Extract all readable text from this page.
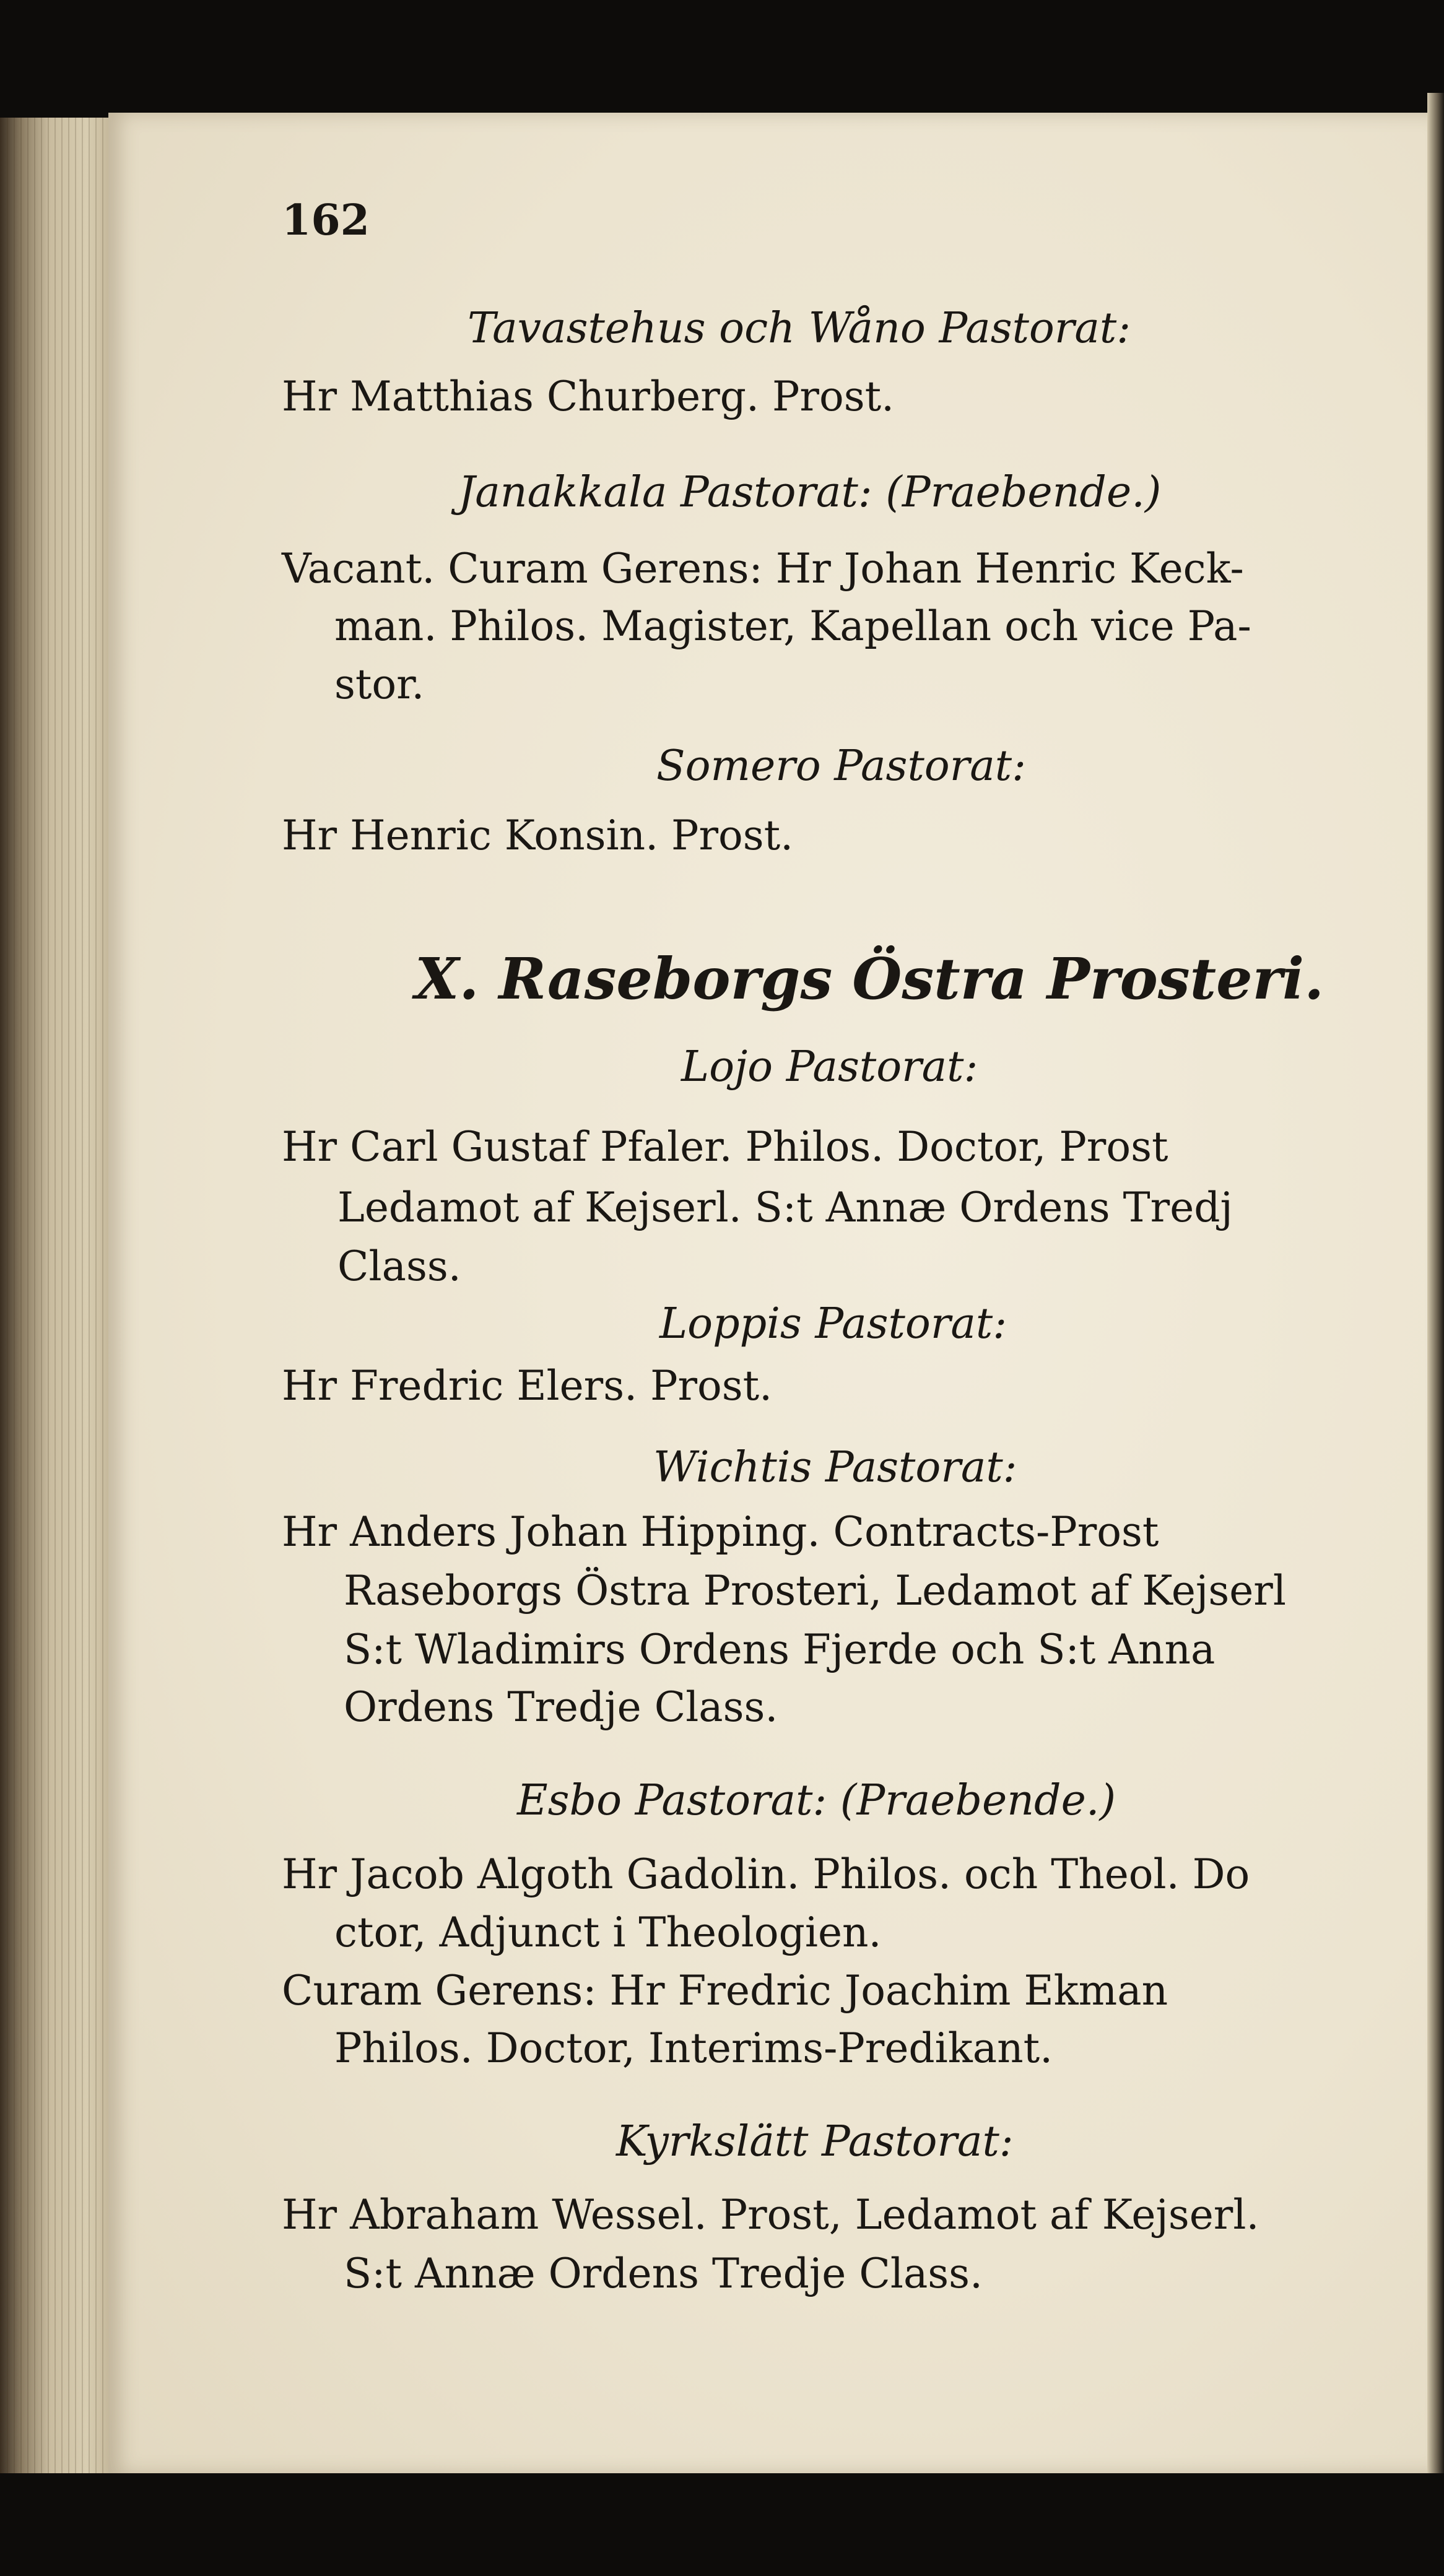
162
Tavastehus och Wåno Pastorat:
Hr Matthias Churberg. Prost.
Janakkala Pastorat: (Praebende.)
Vacant. Curam Gerens: Hr Johan Henric Keck-
man. Philos. Magister, Kapellan och vice Pa-
stor.
Somero Pastorat:
Hr Henric Konsin. Prost.
X. Raseborgs Östra Prosteri.
Lojo Pastorat:
Hr Carl Gustaf Pfaler. Philos. Doctor, Prost
Ledamot af Kejserl. S:t Annæ Ordens Tredj
Class.
Loppis Pastorat:
Hr Fredric Elers. Prost.
Wichtis Pastorat:
Hr Anders Johan Hipping. Contracts-Prost
Raseborgs Östra Prosteri, Ledamot af Kejserl
S:t Wladimirs Ordens Fjerde och S:t Anna
Ordens Tredje Class.
Esbo Pastorat: (Praebende.)
Hr Jacob Algoth Gadolin. Philos. och Theol. Do
ctor, Adjunct i Theologien.
Curam Gerens: Hr Fredric Joachim Ekman
Philos. Doctor, Interims-Predikant.
Kyrkslätt Pastorat:
Hr Abraham Wessel. Prost, Ledamot af Kejserl.
S:t Annæ Ordens Tredje Class.
